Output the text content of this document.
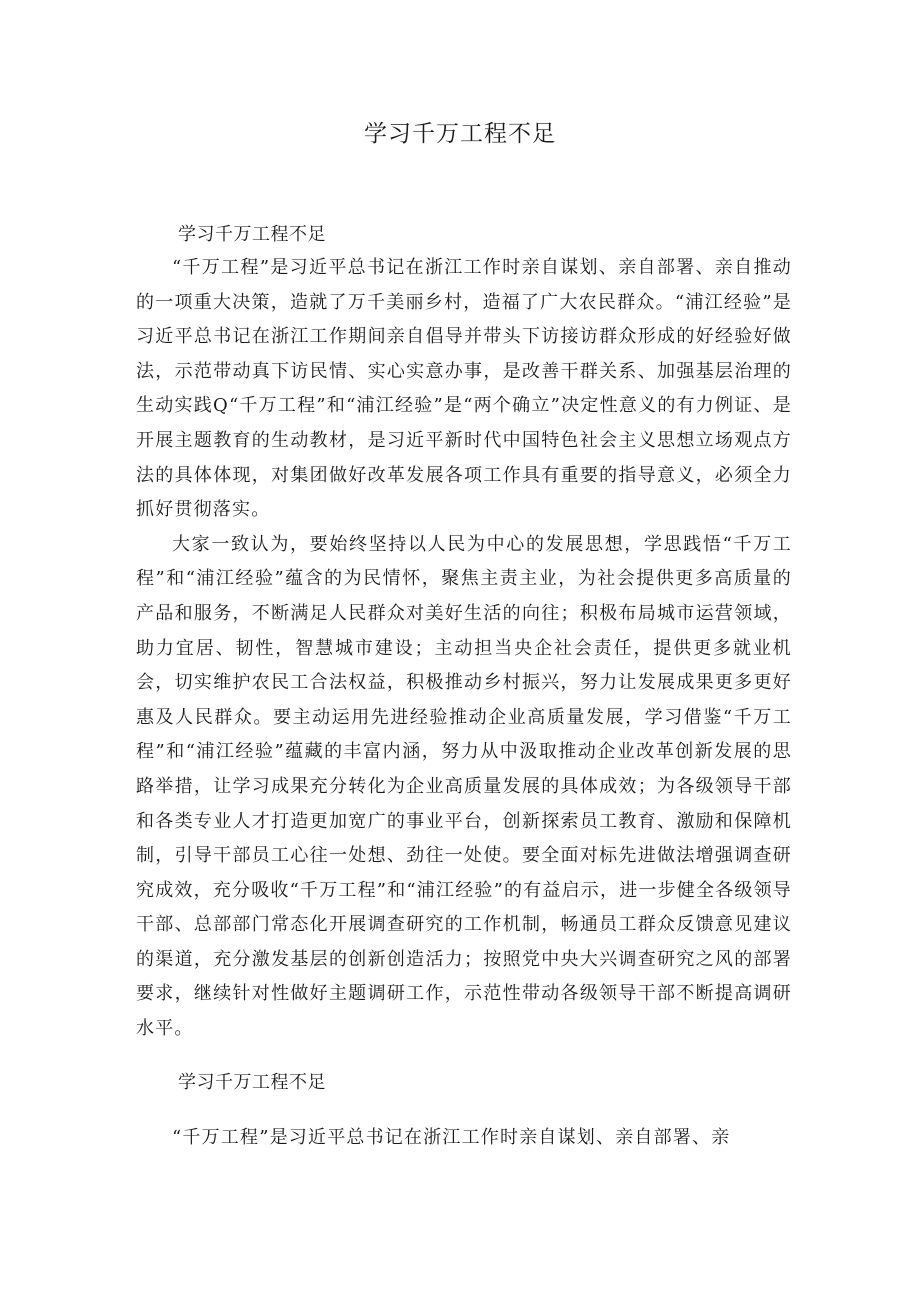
学习千万工程不足
学习千万工程不足

“千万工程”是习近平总书记在浙江工作时亲自谋划、亲自部署、亲自推动的一项重大决策，造就了万千美丽乡村，造福了广大农民群众。“浦江经验”是习近平总书记在浙江工作期间亲自倡导并带头下访接访群众形成的好经验好做法，示范带动真下访民情、实心实意办事，是改善干群关系、加强基层治理的生动实践Q“千万工程”和“浦江经验”是“两个确立”决定性意义的有力例证、是开展主题教育的生动教材，是习近平新时代中国特色社会主义思想立场观点方法的具体体现，对集团做好改革发展各项工作具有重要的指导意义，必须全力抓好贯彻落实。

大家一致认为，要始终坚持以人民为中心的发展思想，学思践悟“千万工程”和“浦江经验”蕴含的为民情怀，聚焦主责主业，为社会提供更多高质量的产品和服务，不断满足人民群众对美好生活的向往；积极布局城市运营领域，助力宜居、韧性，智慧城市建设；主动担当央企社会责任，提供更多就业机会，切实维护农民工合法权益，积极推动乡村振兴，努力让发展成果更多更好惠及人民群众。要主动运用先进经验推动企业高质量发展，学习借鉴“千万工程”和“浦江经验”蕴藏的丰富内涵，努力从中汲取推动企业改革创新发展的思路举措，让学习成果充分转化为企业高质量发展的具体成效；为各级领导干部和各类专业人才打造更加宽广的事业平台，创新探索员工教育、激励和保障机制，引导干部员工心往一处想、劲往一处使。要全面对标先进做法增强调查研究成效，充分吸收“千万工程”和“浦江经验”的有益启示，进一步健全各级领导干部、总部部门常态化开展调查研究的工作机制，畅通员工群众反馈意见建议的渠道，充分激发基层的创新创造活力；按照党中央大兴调查研究之风的部署要求，继续针对性做好主题调研工作，示范性带动各级领导干部不断提高调研水平。

学习千万工程不足

“千万工程”是习近平总书记在浙江工作时亲自谋划、亲自部署、亲
